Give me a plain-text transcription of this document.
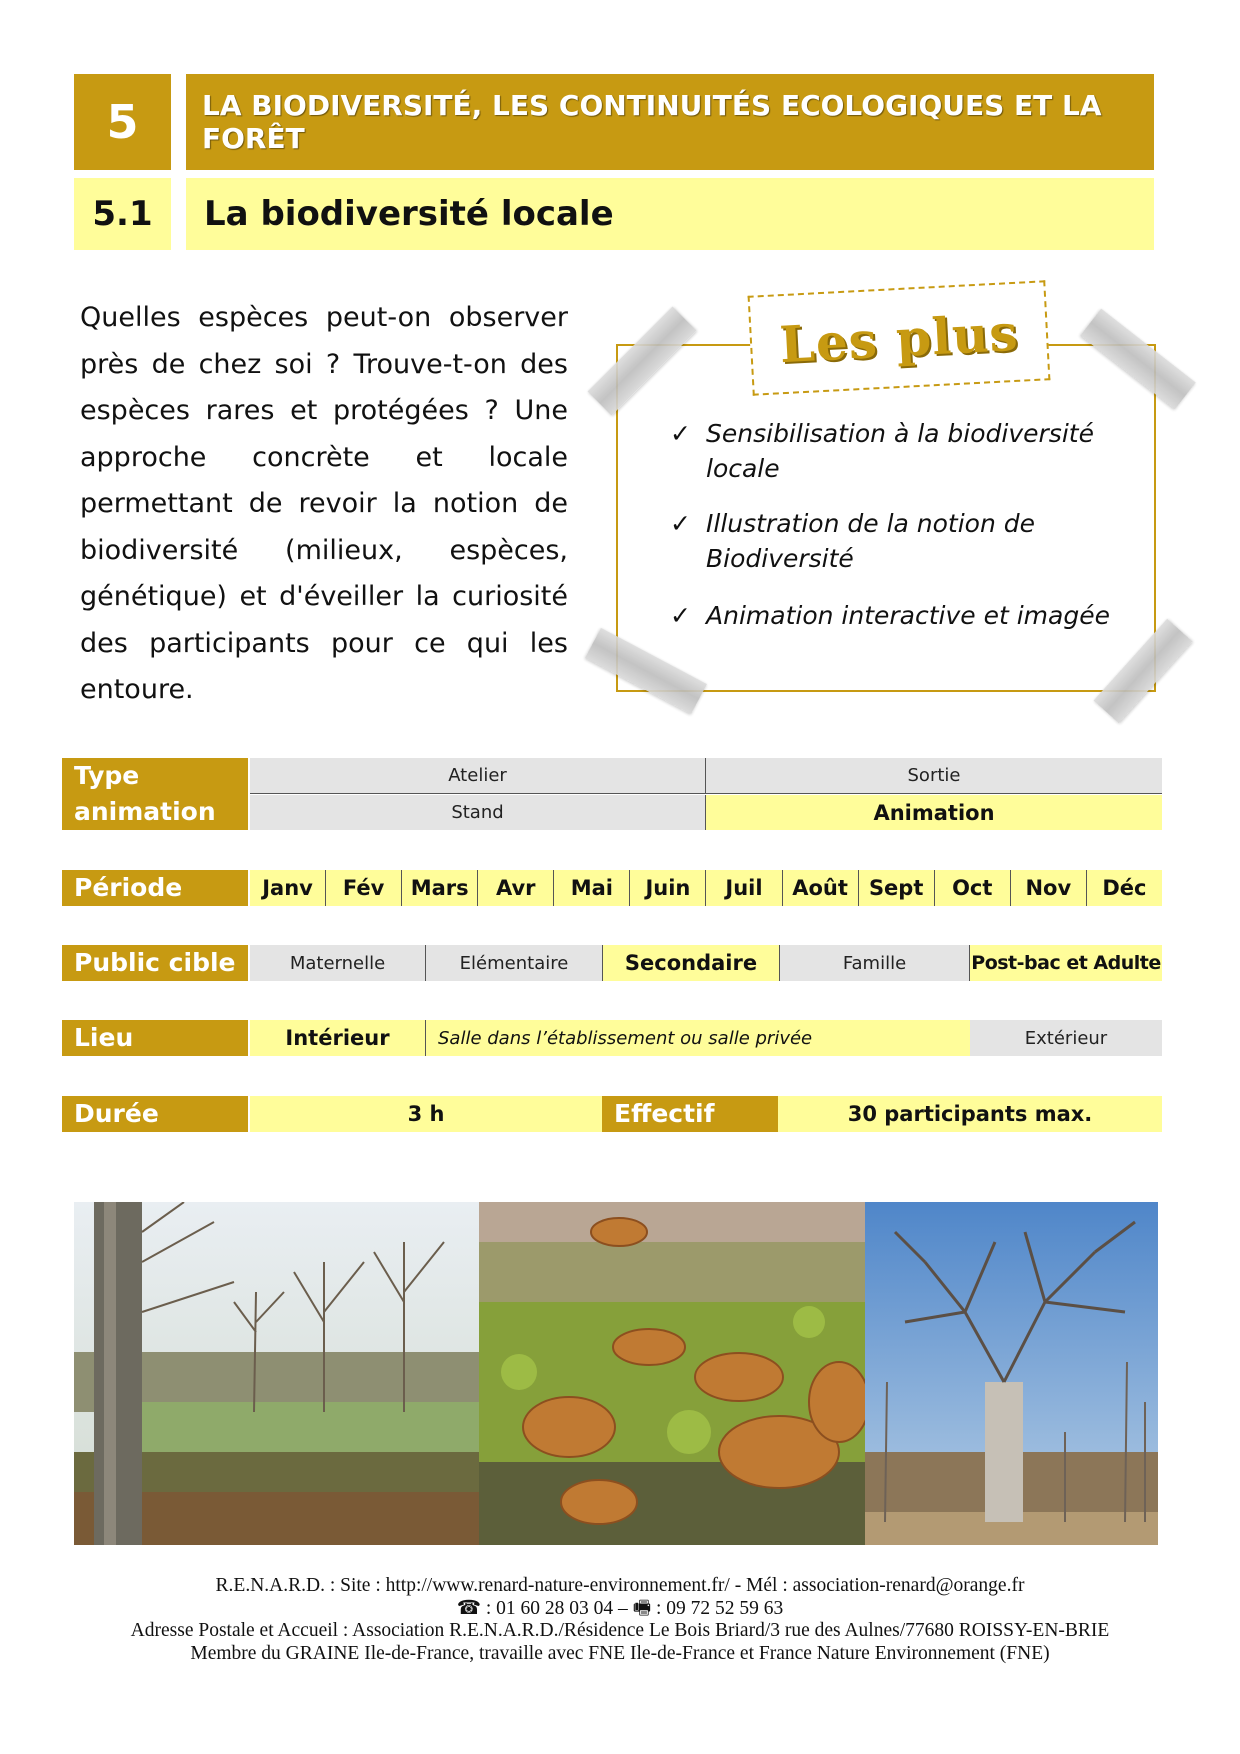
5	LA BIODIVERSITÉ, LES CONTINUITÉS ECOLOGIQUES ET LA FORÊT
5.1	La biodiversité locale
Quelles espèces peut-on observer près de chez soi ? Trouve-t-on des espèces rares et protégées ? Une approche concrète et locale permettant de revoir la notion de biodiversité (milieux, espèces, génétique) et d'éveiller la curiosité des participants pour ce qui les entoure.
Les plus
✓ Sensibilisation à la biodiversité locale
✓ Illustration de la notion de Biodiversité
✓ Animation interactive et imagée
Type animation
Atelier	Sortie
Stand	Animation
Période	Janv	Fév	Mars	Avr	Mai	Juin	Juil	Août	Sept	Oct	Nov	Déc
Public cible	Maternelle	Elémentaire	Secondaire	Famille	Post-bac et Adulte
Lieu	Intérieur	Salle dans l’établissement ou salle privée	Extérieur
Durée	3 h	Effectif	30 participants max.
R.E.N.A.R.D. : Site : http://www.renard-nature-environnement.fr/ - Mél : association-renard@orange.fr
☎ : 01 60 28 03 04 – 🖷 : 09 72 52 59 63
Adresse Postale et Accueil : Association R.E.N.A.R.D./Résidence Le Bois Briard/3 rue des Aulnes/77680 ROISSY-EN-BRIE
Membre du GRAINE Ile-de-France, travaille avec FNE Ile-de-France et France Nature Environnement (FNE)
